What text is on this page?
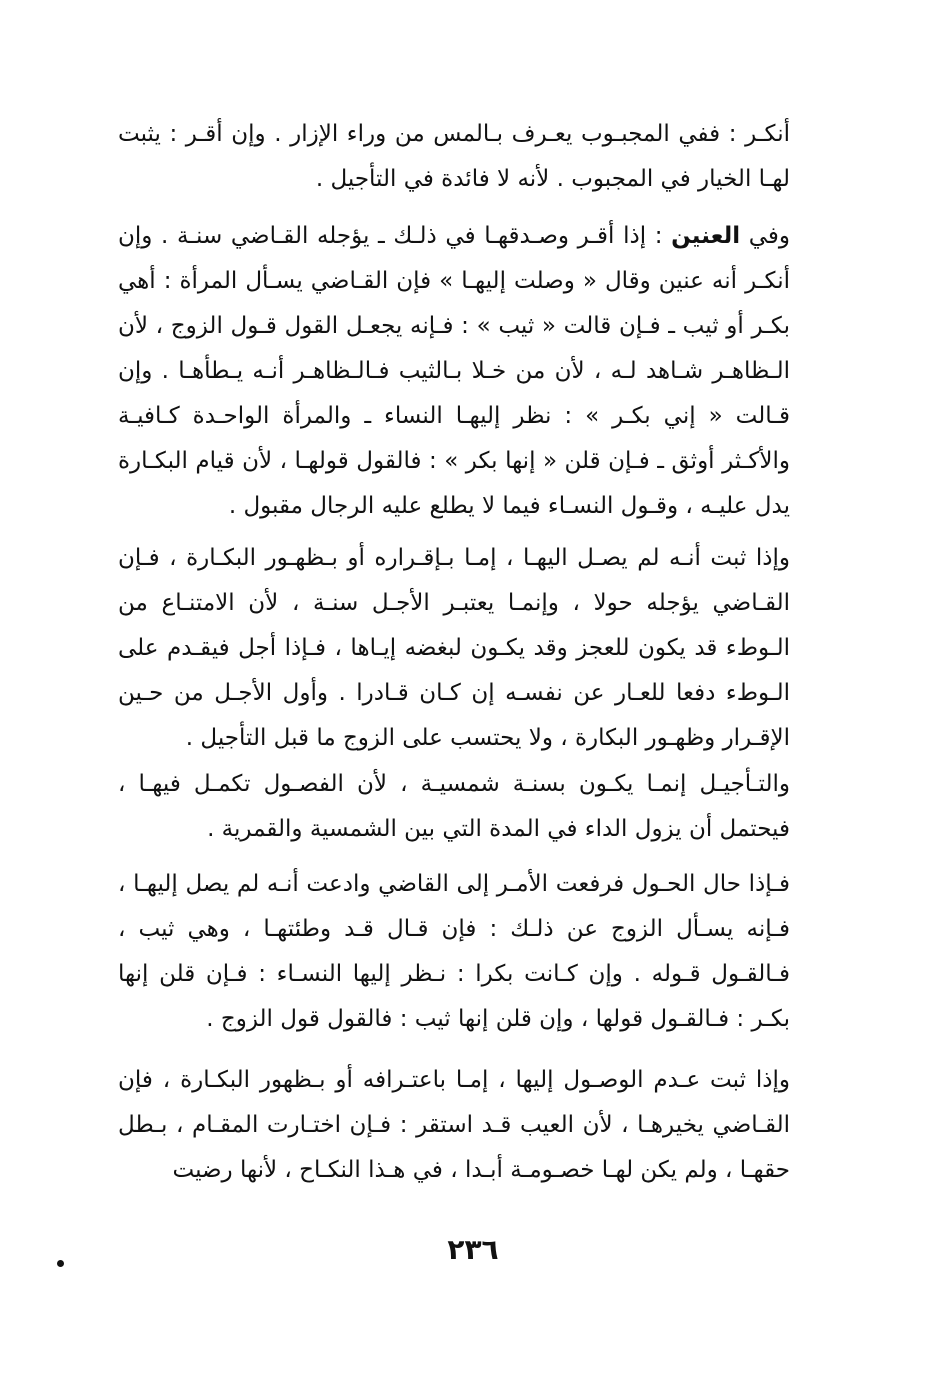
أنكـر : ففي المجبـوب يعـرف بـالمس من وراء الإزار . وإن أقـر : يثبت لهـا الخيار في المجبوب . لأنه لا فائدة في التأجيل .

وفي العنين : إذا أقـر وصـدقهـا في ذلـك ـ يؤجله القـاضي سنـة . وإن أنكـر أنه عنين وقال « وصلت إليهـا » فإن القـاضي يسـأل المرأة : أهي بكـر أو ثيب ـ فـإن قالت « ثيب » : فـإنه يجعـل القول قـول الزوج ، لأن الـظاهـر شـاهد لـه ، لأن من خـلا بـالثيب فـالـظاهـر أنـه يـطأهـا . وإن قـالت « إني بكـر » : نظر إليهـا النساء ـ والمرأة الواحـدة كـافيـة والأكـثر أوثق ـ فـإن قلن « إنها بكر » : فالقول قولهـا ، لأن قيام البكـارة يدل عليـه ، وقـول النسـاء فيما لا يطلع عليه الرجال مقبول .

وإذا ثبت أنـه لم يصـل اليهـا ، إمـا بـإقـراره أو بـظهـور البكـارة ، فـإن القـاضي يؤجله حولا ، وإنمـا يعتبـر الأجـل سنـة ، لأن الامتنـاع من الـوطء قد يكون للعجز وقد يكـون لبغضه إيـاها ، فـإذا أجل فيقـدم على الـوطء دفعا للعـار عن نفسـه إن كـان قـادرا . وأول الأجـل من حـين الإقـرار وظهـور البكارة ، ولا يحتسب على الزوج ما قبل التأجيل .

والتـأجيـل إنمـا يكـون بسنـة شمسيـة ، لأن الفصـول تكمـل فيهـا ، فيحتمل أن يزول الداء في المدة التي بين الشمسية والقمرية .

فـإذا حال الحـول فرفعت الأمـر إلى القاضي وادعت أنـه لم يصل إليهـا ، فـإنه يسـأل الزوج عن ذلـك : فإن قـال قـد وطئتهـا ، وهي ثيب ، فـالقـول قـوله . وإن كـانت بكرا : نـظر إليها النسـاء : فـإن قلن إنها بكـر : فـالقـول قولها ، وإن قلن إنها ثيب : فالقول قول الزوج .

وإذا ثبت عـدم الوصـول إليها ، إمـا باعتـرافه أو بـظهور البكـارة ، فإن القـاضي يخيرهـا ، لأن العيب قـد استقر : فـإن اختـارت المقـام ، بـطل حقهـا ، ولم يكن لهـا خصـومـة أبـدا ، في هـذا النكـاح ، لأنها رضيت

٢٣٦
